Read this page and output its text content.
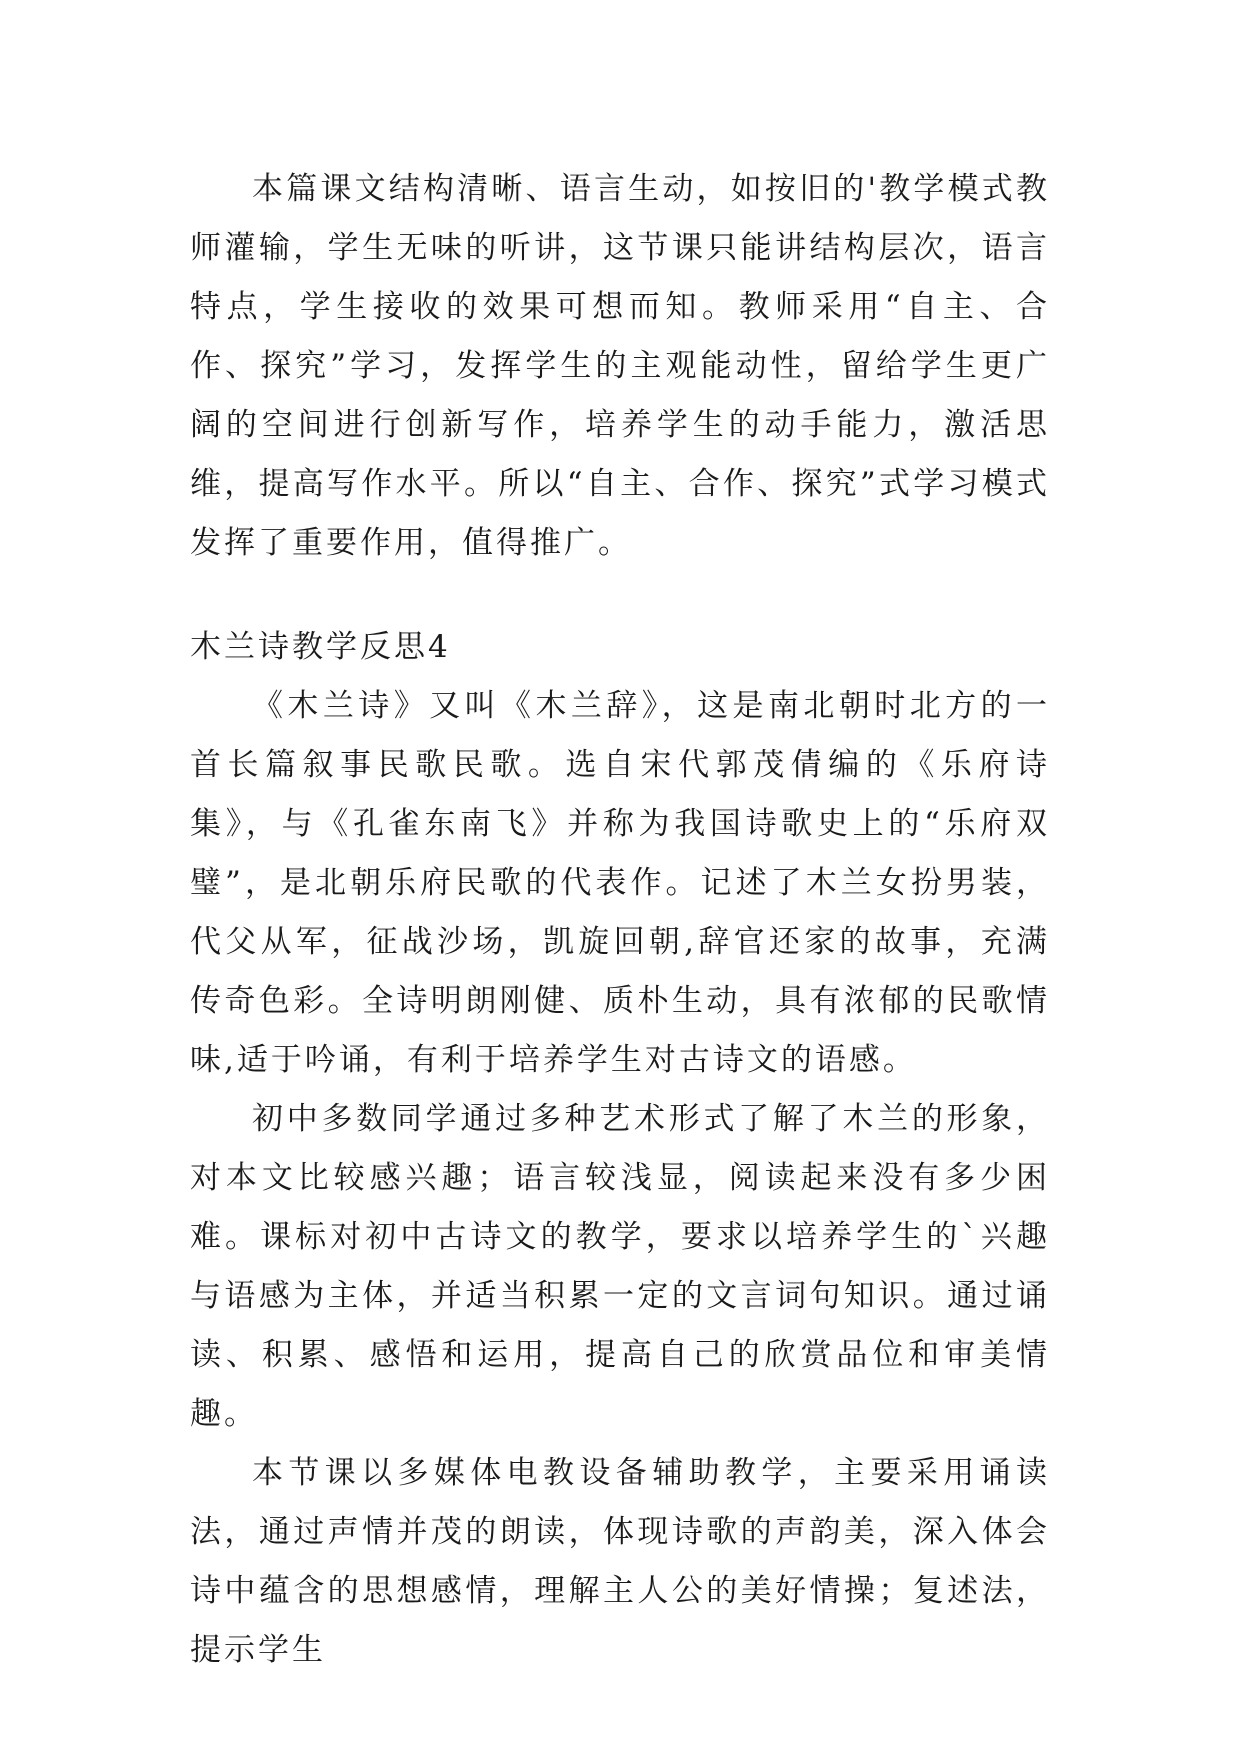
本篇课文结构清晰、语言生动，如按旧的'教学模式教师灌输，学生无味的听讲，这节课只能讲结构层次，语言特点，学生接收的效果可想而知。教师采用“自主、合作、探究”学习，发挥学生的主观能动性，留给学生更广阔的空间进行创新写作，培养学生的动手能力，激活思维，提高写作水平。所以“自主、合作、探究”式学习模式发挥了重要作用，值得推广。

木兰诗教学反思4

《木兰诗》又叫《木兰辞》，这是南北朝时北方的一首长篇叙事民歌民歌。选自宋代郭茂倩编的《乐府诗集》，与《孔雀东南飞》并称为我国诗歌史上的“乐府双璧”，是北朝乐府民歌的代表作。记述了木兰女扮男装，代父从军，征战沙场，凯旋回朝,辞官还家的故事，充满传奇色彩。全诗明朗刚健、质朴生动，具有浓郁的民歌情味,适于吟诵，有利于培养学生对古诗文的语感。

初中多数同学通过多种艺术形式了解了木兰的形象，对本文比较感兴趣；语言较浅显，阅读起来没有多少困难。课标对初中古诗文的教学，要求以培养学生的`兴趣与语感为主体，并适当积累一定的文言词句知识。通过诵读、积累、感悟和运用，提高自己的欣赏品位和审美情趣。

本节课以多媒体电教设备辅助教学，主要采用诵读法，通过声情并茂的朗读，体现诗歌的声韵美，深入体会诗中蕴含的思想感情，理解主人公的美好情操；复述法，提示学生
